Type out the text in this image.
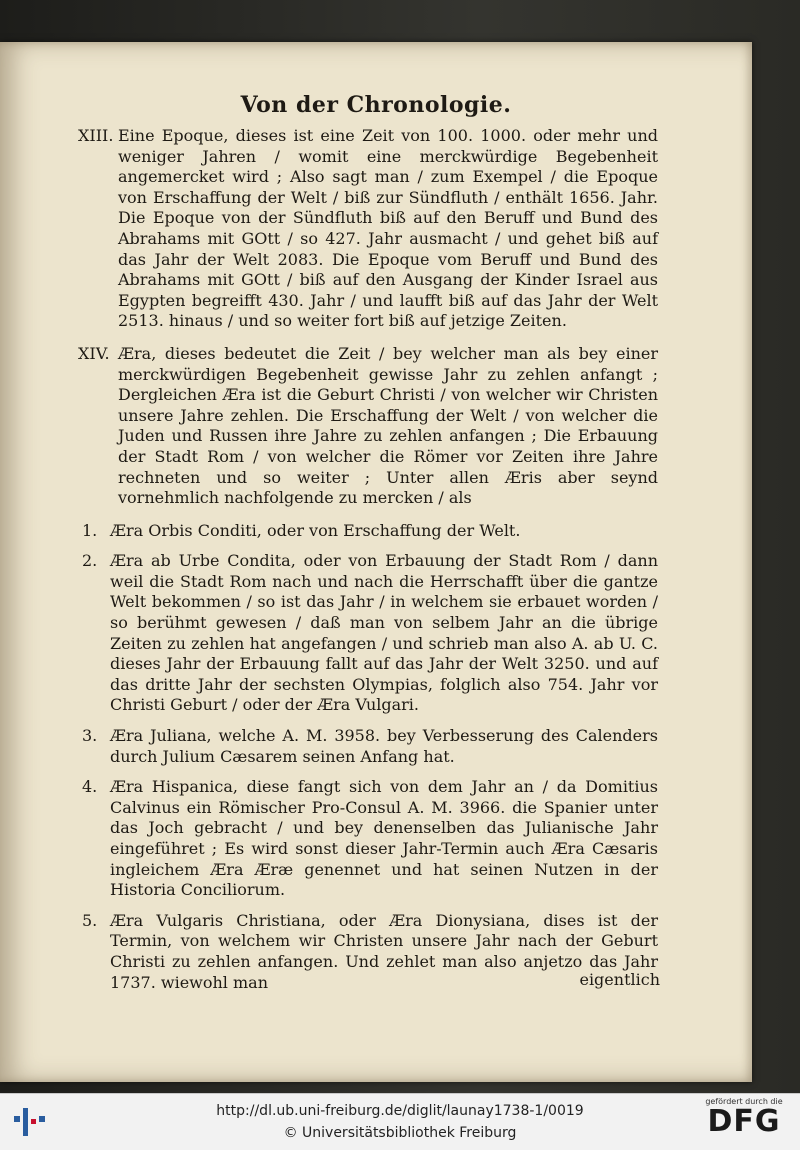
Von der Chronologie.
XIII. Eine Epoque, dieses ist eine Zeit von 100. 1000. oder mehr und weniger Jahren / womit eine merckwürdige Begebenheit angemercket wird ; Also sagt man / zum Exempel / die Epoque von Erschaffung der Welt / biß zur Sündfluth / enthält 1656. Jahr. Die Epoque von der Sündfluth biß auf den Beruff und Bund des Abrahams mit GOtt / so 427. Jahr ausmacht / und gehet biß auf das Jahr der Welt 2083. Die Epoque vom Beruff und Bund des Abrahams mit GOtt / biß auf den Ausgang der Kinder Israel aus Egypten begreifft 430. Jahr / und laufft biß auf das Jahr der Welt 2513. hinaus / und so weiter fort biß auf jetzige Zeiten.
XIV. Æra, dieses bedeutet die Zeit / bey welcher man als bey einer merckwürdigen Begebenheit gewisse Jahr zu zehlen anfangt ; Dergleichen Æra ist die Geburt Christi / von welcher wir Christen unsere Jahre zehlen. Die Erschaffung der Welt / von welcher die Juden und Russen ihre Jahre zu zehlen anfangen ; Die Erbauung der Stadt Rom / von welcher die Römer vor Zeiten ihre Jahre rechneten und so weiter ; Unter allen Æris aber seynd vornehmlich nachfolgende zu mercken / als
1. Æra Orbis Conditi, oder von Erschaffung der Welt.
2. Æra ab Urbe Condita, oder von Erbauung der Stadt Rom / dann weil die Stadt Rom nach und nach die Herrschafft über die gantze Welt bekommen / so ist das Jahr / in welchem sie erbauet worden / so berühmt gewesen / daß man von selbem Jahr an die übrige Zeiten zu zehlen hat angefangen / und schrieb man also A. ab U. C. dieses Jahr der Erbauung fallt auf das Jahr der Welt 3250. und auf das dritte Jahr der sechsten Olympias, folglich also 754. Jahr vor Christi Geburt / oder der Æra Vulgari.
3. Æra Juliana, welche A. M. 3958. bey Verbesserung des Calenders durch Julium Cæsarem seinen Anfang hat.
4. Æra Hispanica, diese fangt sich von dem Jahr an / da Domitius Calvinus ein Römischer Pro-Consul A. M. 3966. die Spanier unter das Joch gebracht / und bey denenselben das Julianische Jahr eingeführet ; Es wird sonst dieser Jahr-Termin auch Æra Cæsaris ingleichem Æra Æræ genennet und hat seinen Nutzen in der Historia Conciliorum.
5. Æra Vulgaris Christiana, oder Æra Dionysiana, dises ist der Termin, von welchem wir Christen unsere Jahr nach der Geburt Christi zu zehlen anfangen. Und zehlet man also anjetzo das Jahr 1737. wiewohl man	eigentlich
http://dl.ub.uni-freiburg.de/diglit/launay1738-1/0019
© Universitätsbibliothek Freiburg
gefördert durch die
DFG
